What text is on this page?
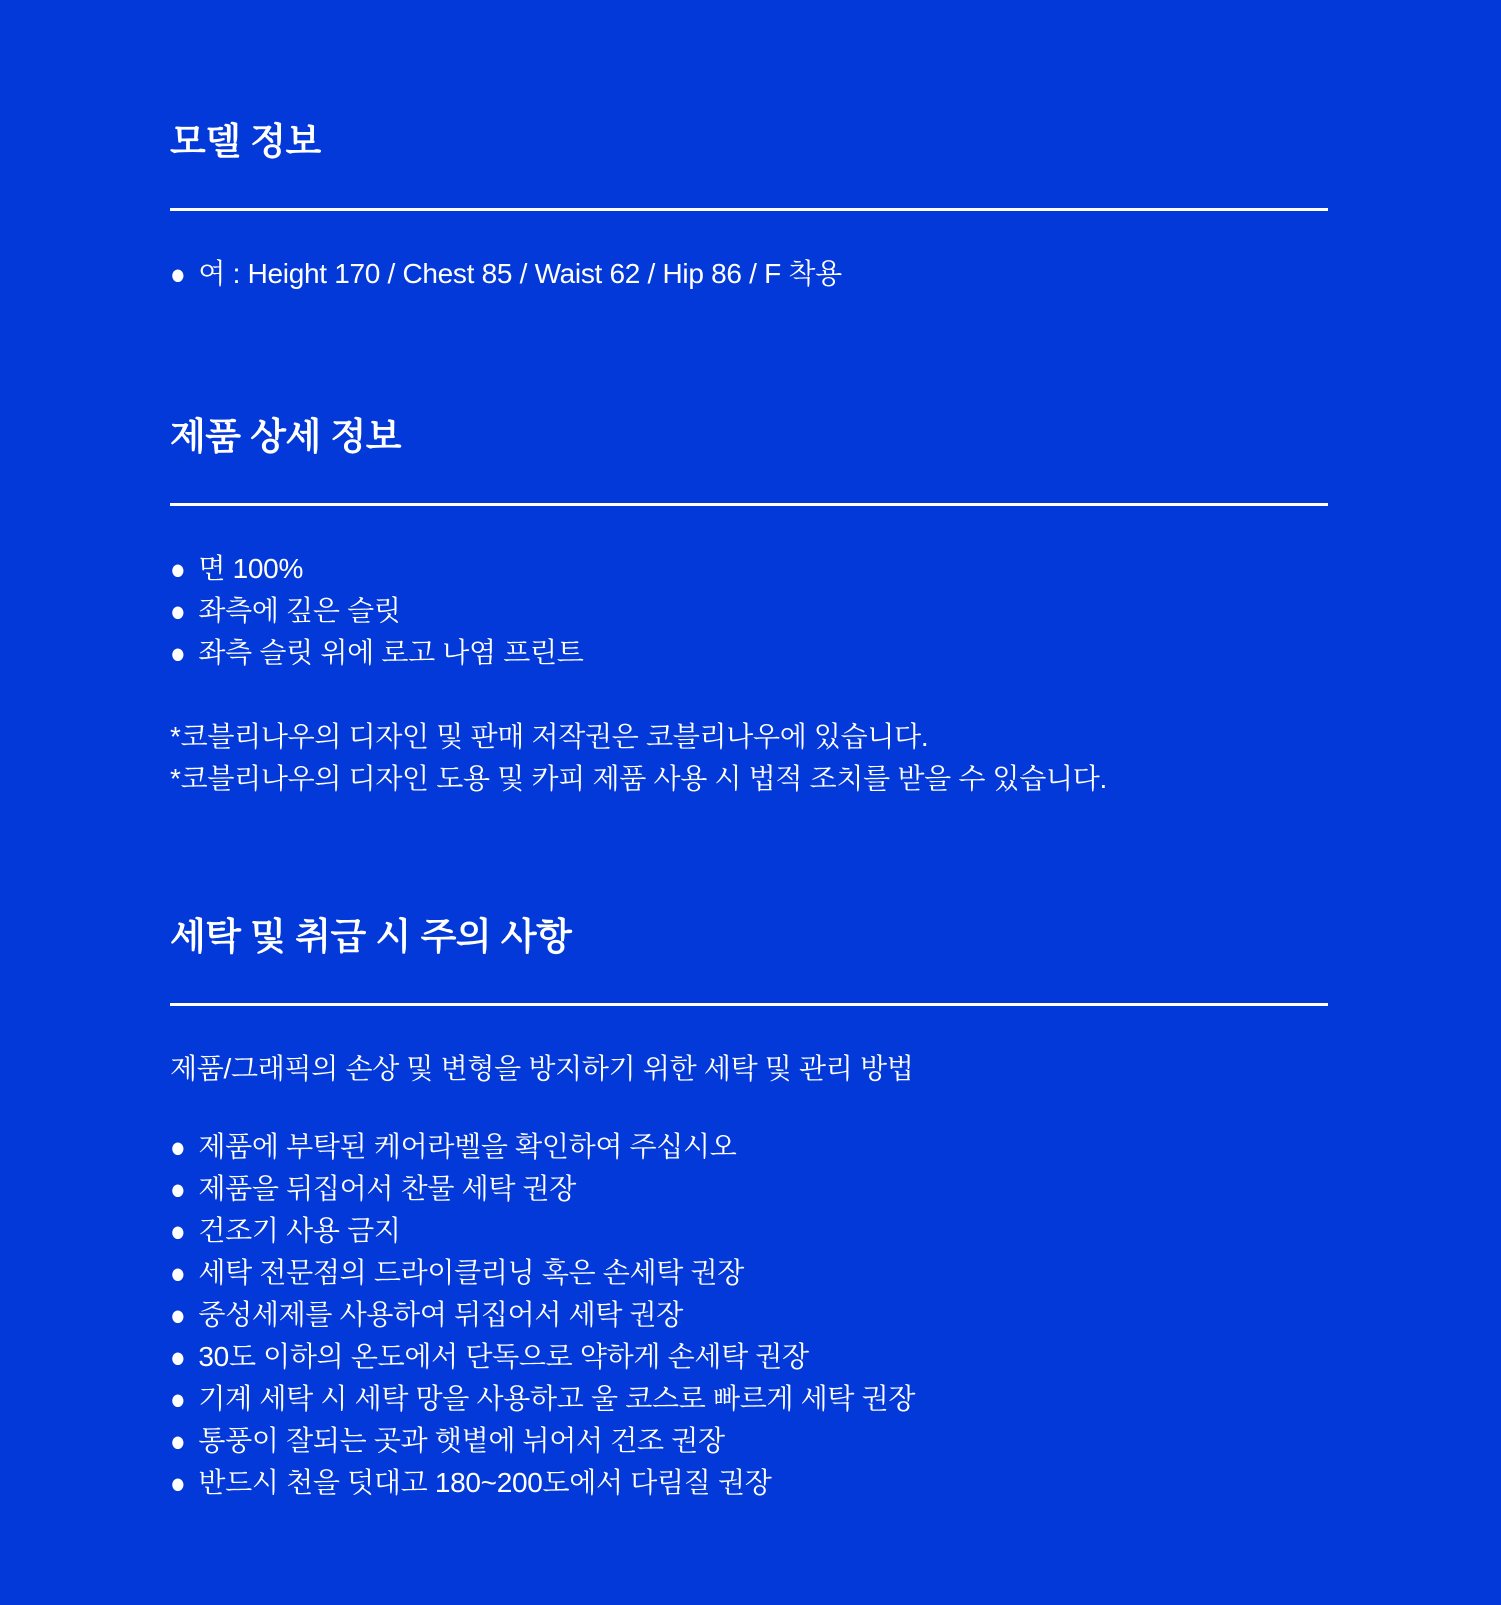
모델 정보
● 여 : Height 170 / Chest 85 / Waist 62 / Hip 86 / F 착용
제품 상세 정보
● 면 100%
● 좌측에 깊은 슬릿
● 좌측 슬릿 위에 로고 나염 프린트

*코블리나우의 디자인 및 판매 저작권은 코블리나우에 있습니다.

*코블리나우의 디자인 도용 및 카피 제품 사용 시 법적 조치를 받을 수 있습니다.

세탁 및 취급 시 주의 사항

제품/그래픽의 손상 및 변형을 방지하기 위한 세탁 및 관리 방법

● 제품에 부탁된 케어라벨을 확인하여 주십시오
● 제품을 뒤집어서 찬물 세탁 권장
● 건조기 사용 금지
● 세탁 전문점의 드라이클리닝 혹은 손세탁 권장
● 중성세제를 사용하여 뒤집어서 세탁 권장
● 30도 이하의 온도에서 단독으로 약하게 손세탁 권장
● 기계 세탁 시 세탁 망을 사용하고 울 코스로 빠르게 세탁 권장
● 통풍이 잘되는 곳과 햇볕에 뉘어서 건조 권장
● 반드시 천을 덧대고 180~200도에서 다림질 권장
